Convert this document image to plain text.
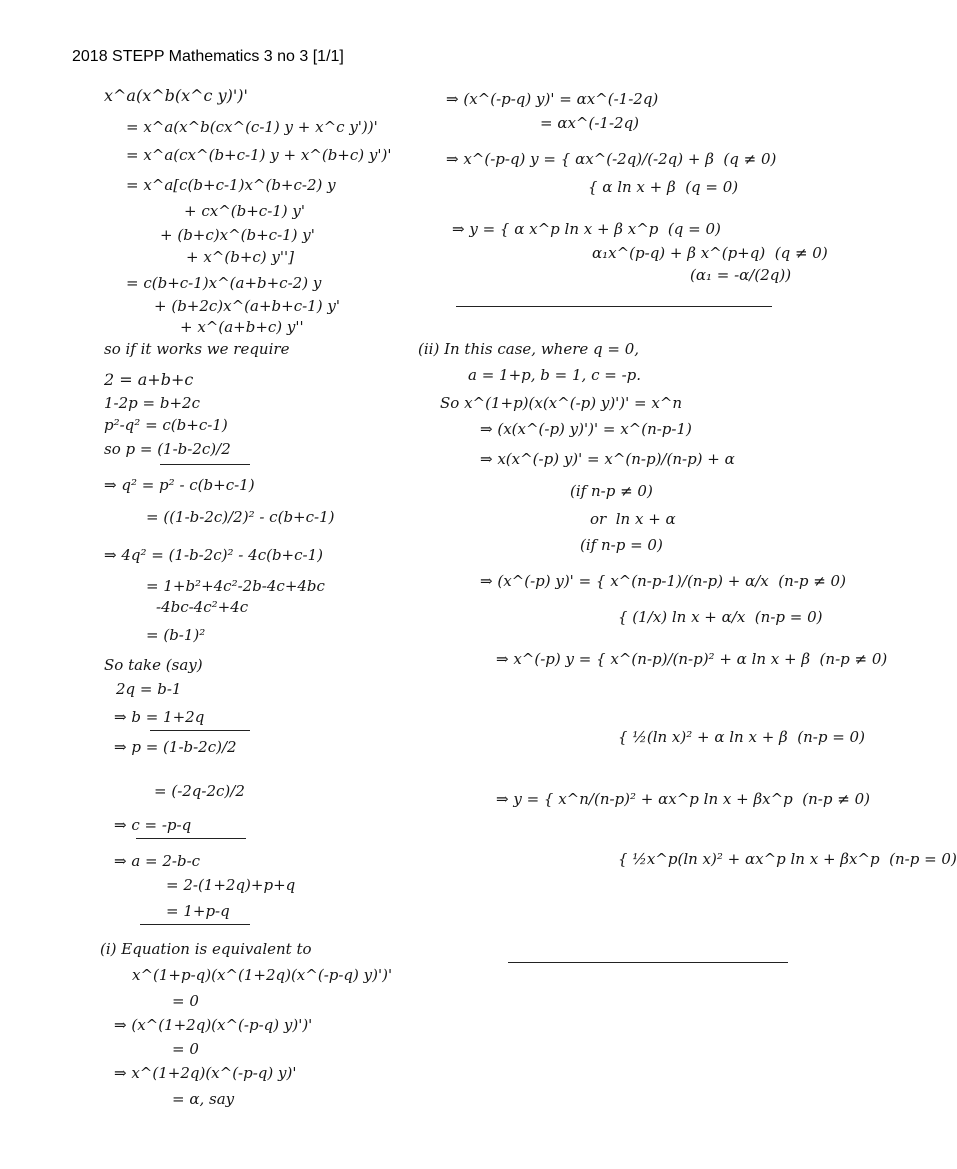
2018 STEPP Mathematics 3 no 3 [1/1]
x^a(x^b(x^c y)')'
= x^a(x^b(cx^(c-1) y + x^c y'))'
= x^a(cx^(b+c-1) y + x^(b+c) y')'
= x^a[c(b+c-1)x^(b+c-2) y
+ cx^(b+c-1) y'
+ (b+c)x^(b+c-1) y'
+ x^(b+c) y'']
= c(b+c-1)x^(a+b+c-2) y
+ (b+2c)x^(a+b+c-1) y'
+ x^(a+b+c) y''
so if it works we require
2 = a+b+c
1-2p = b+2c
p²-q² = c(b+c-1)
so p = (1-b-2c)/2
⇒ q² = p² - c(b+c-1)
= ((1-b-2c)/2)² - c(b+c-1)
⇒ 4q² = (1-b-2c)² - 4c(b+c-1)
= 1+b²+4c²-2b-4c+4bc
-4bc-4c²+4c
= (b-1)²
So take (say)
2q = b-1
⇒ b = 1+2q
⇒ p = (1-b-2c)/2
= (-2q-2c)/2
⇒ c = -p-q
⇒ a = 2-b-c
= 2-(1+2q)+p+q
= 1+p-q
(i) Equation is equivalent to
x^(1+p-q)(x^(1+2q)(x^(-p-q) y)')'
= 0
⇒ (x^(1+2q)(x^(-p-q) y)')'
= 0
⇒ x^(1+2q)(x^(-p-q) y)'
= α, say
⇒ (x^(-p-q) y)' = αx^(-1-2q)
= αx^(-1-2q)
⇒ x^(-p-q) y = { αx^(-2q)/(-2q) + β  (q ≠ 0)
{ α ln x + β  (q = 0)
⇒ y = { α x^p ln x + β x^p  (q = 0)
α₁x^(p-q) + β x^(p+q)  (q ≠ 0)
(α₁ = -α/(2q))
(ii) In this case, where q = 0,
a = 1+p, b = 1, c = -p.
So x^(1+p)(x(x^(-p) y)')' = x^n
⇒ (x(x^(-p) y)')' = x^(n-p-1)
⇒ x(x^(-p) y)' = x^(n-p)/(n-p) + α
(if n-p ≠ 0)
or  ln x + α
(if n-p = 0)
⇒ (x^(-p) y)' = { x^(n-p-1)/(n-p) + α/x  (n-p ≠ 0)
{ (1/x) ln x + α/x  (n-p = 0)
⇒ x^(-p) y = { x^(n-p)/(n-p)² + α ln x + β  (n-p ≠ 0)
{ ½(ln x)² + α ln x + β  (n-p = 0)
⇒ y = { x^n/(n-p)² + αx^p ln x + βx^p  (n-p ≠ 0)
{ ½x^p(ln x)² + αx^p ln x + βx^p  (n-p = 0)
